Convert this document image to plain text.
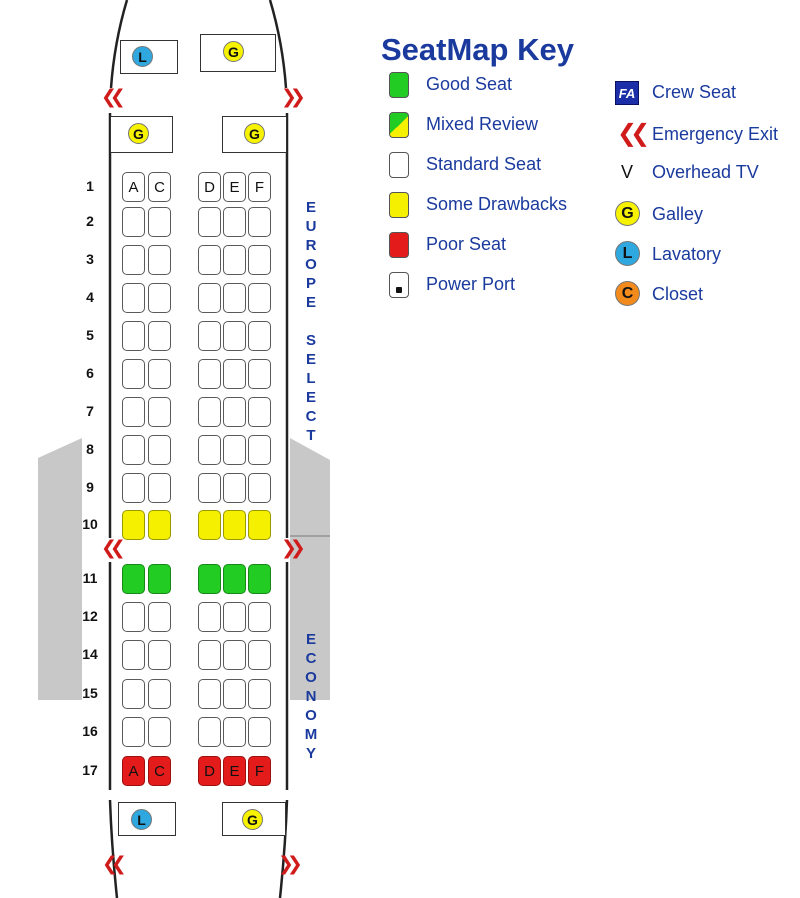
L	G
❮❮	❯❯
G	G
1	A	C	D E	F
2
3
4
5
6
7
8
9
10
11
12
14
15
16
17	A	C	D E	F
❮❮	❯❯
E
U
R
O
P
E

S
E
L
E
C
T
E
C
O
N
O
M
Y
L	G
❮❮	❯❯
SeatMap Key
Good Seat
Mixed Review
Standard Seat
Some Drawbacks
Poor Seat
Power Port
FA Crew Seat
❮❮ Emergency Exit
V Overhead TV
G	Galley
L	Lavatory
C	Closet
